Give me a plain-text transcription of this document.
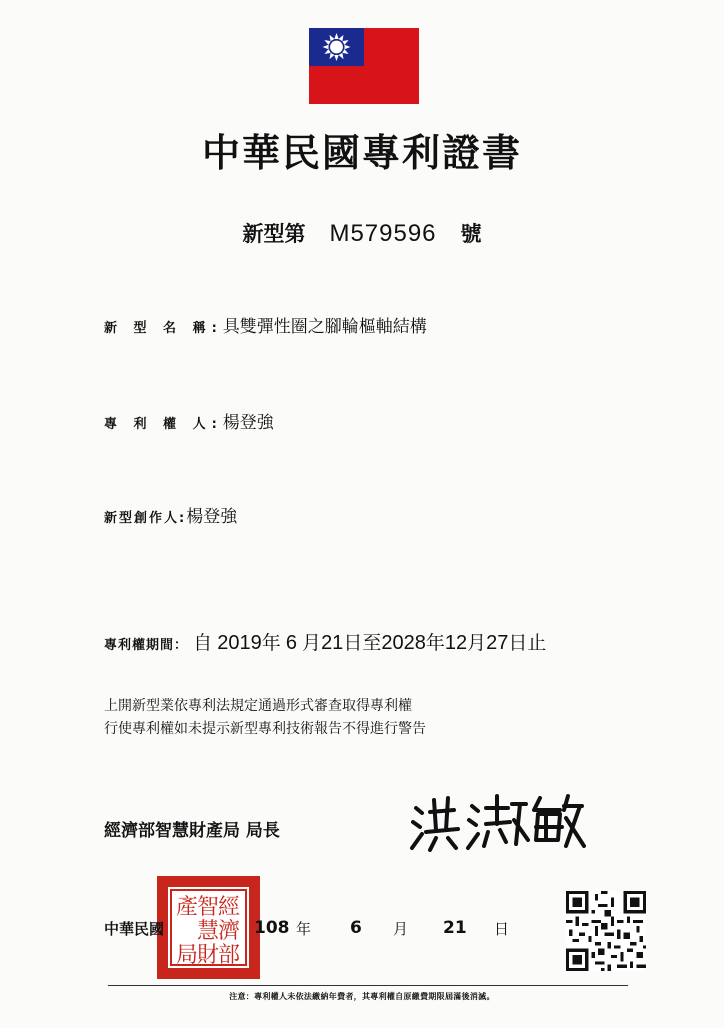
中華民國專利證書
新型第 M579596 號
新 型 名 稱:具雙彈性圈之腳輪樞軸結構
專 利 權 人:楊登強
新型創作人:楊登強
專利權期間： 自 2019年 6 月21日至2028年12月27日止
上開新型業依專利法規定通過形式審查取得專利權
行使專利權如未提示新型專利技術報告不得進行警告
經濟部智慧財產局 局長
經
濟
部
智
慧
財
產
局
中華民國	108 年 6 月 21 日
注意：專利權人未依法繳納年費者，其專利權自原繳費期限屆滿後消滅。
